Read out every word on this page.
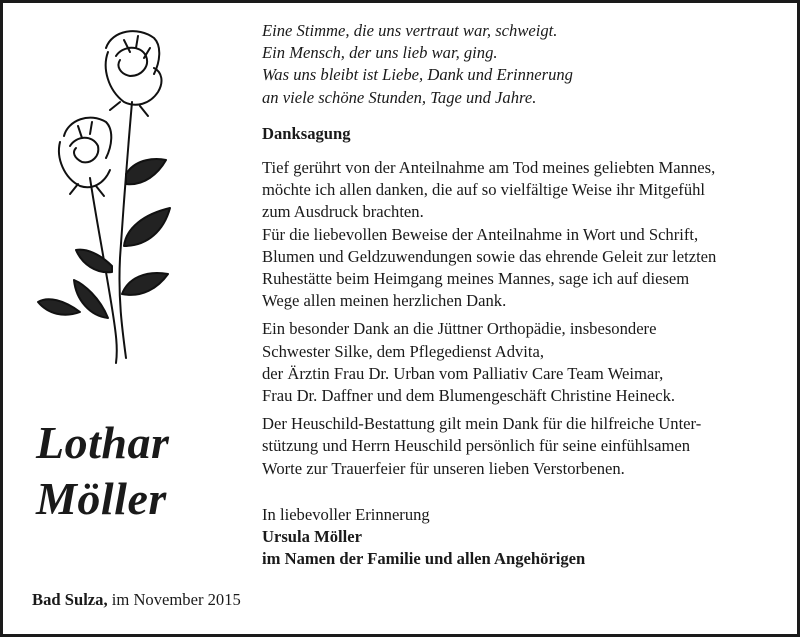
Lothar
Möller

Eine Stimme, die uns vertraut war, schweigt.

Ein Mensch, der uns lieb war, ging.

Was uns bleibt ist Liebe, Dank und Erinnerung

an viele schöne Stunden, Tage und Jahre.

Danksagung

Tief gerührt von der Anteilnahme am Tod meines geliebten Mannes,

möchte ich allen danken, die auf so vielfältige Weise ihr Mitgefühl

zum Ausdruck brachten.

Für die liebevollen Beweise der Anteilnahme in Wort und Schrift,

Blumen und Geldzuwendungen sowie das ehrende Geleit zur letzten

Ruhestätte beim Heimgang meines Mannes, sage ich auf diesem

Wege allen meinen herzlichen Dank.

Ein besonder Dank an die Jüttner Orthopädie, insbesondere

Schwester Silke, dem Pflegedienst Advita,

der Ärztin Frau Dr. Urban vom Palliativ Care Team Weimar,

Frau Dr. Daffner und dem Blumengeschäft Christine Heineck.

Der Heuschild-Bestattung gilt mein Dank für die hilfreiche Unter-

stützung und Herrn Heuschild persönlich für seine einfühlsamen

Worte zur Trauerfeier für unseren lieben Verstorbenen.

In liebevoller Erinnerung

Ursula Möller

im Namen der Familie und allen Angehörigen

Bad Sulza, im November 2015
